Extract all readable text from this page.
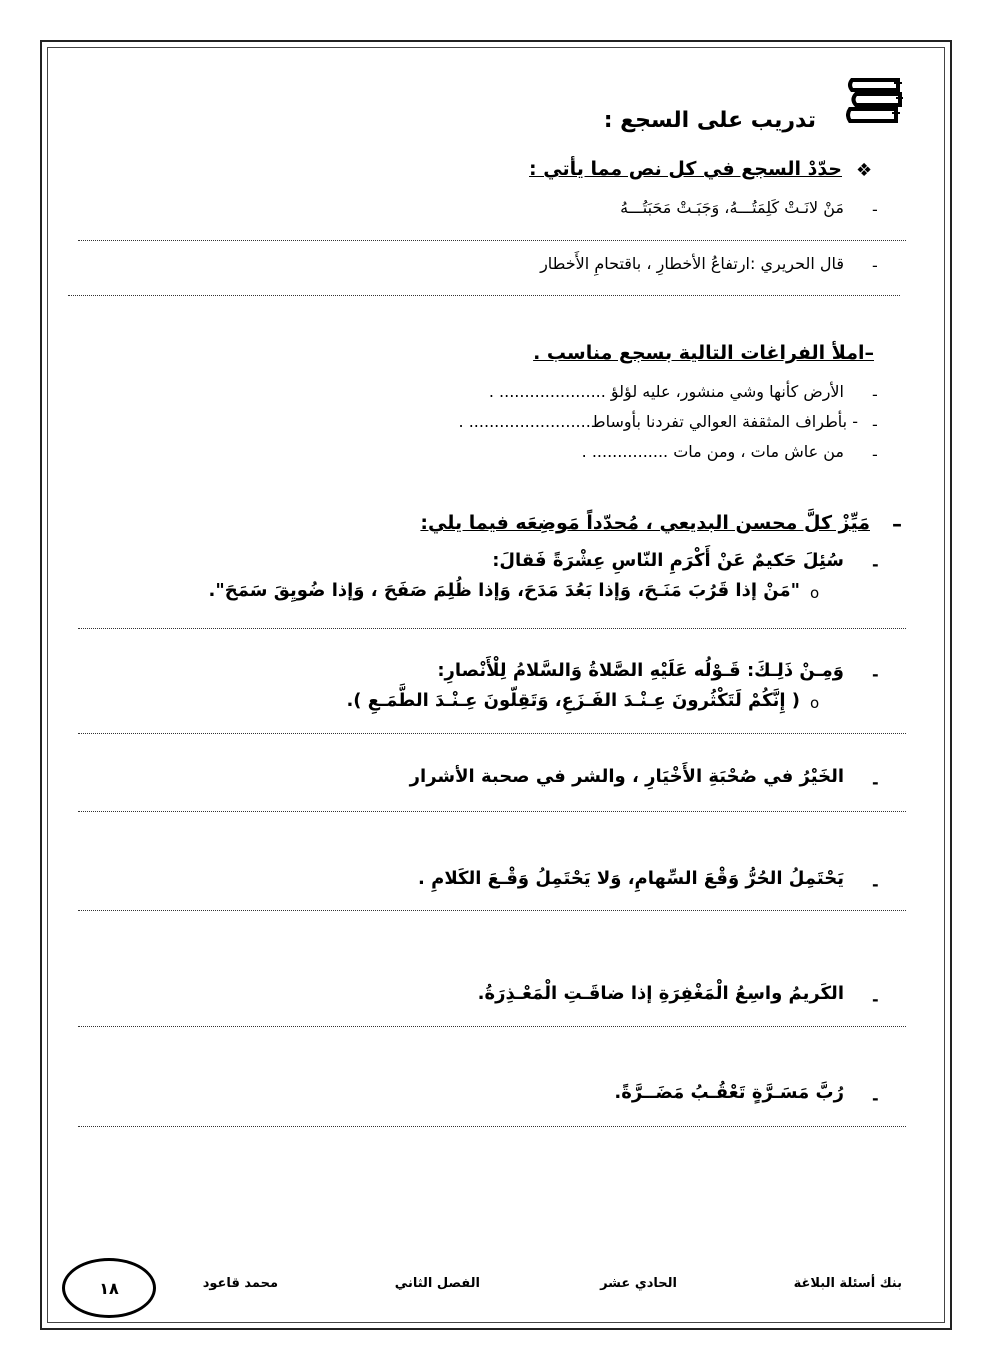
تدريب على السجع :
❖
حدّدْ السجع في كل نص مما يأتي :
-
مَنْ لانَـتْ كَلِمَتُـــهُ، وَجَبَـتْ مَحَبَتُـــهُ
-
قال الحريري :ارتفاعُ الأخطارِ ، باقتحامِ الأَخطار
–املأ الفراغات التالية بسجع مناسب .
-
الأرض كأنها وشي منشور، عليه لؤلؤ ..................... .
-
- بأطراف المثقفة العوالي تفردنا بأوساط........................ .
-
من عاش مات ، ومن مات ............... .
–
مَيِّزْ كلَّ محسن البديعي ، مُحدّداً مَوضِعَه فيما يلي:
-
سُئِلَ حَكيمٌ عَنْ أَكْرَمِ النّاسِ عِشْرَةً فَقالَ:
o
"مَنْ إذا قَرُبَ مَنَـحَ، وَإذا بَعُدَ مَدَحَ، وَإذا ظُلِمَ صَفَحَ ، وَإذا ضُويِقَ سَمَحَ".
-
وَمِـنْ ذَلِـكَ: قَـوْلُه عَلَيْهِ الصَّلاةُ وَالسَّلامُ لِلْأَنْصارِ:
o
( إِنَّكُمْ لَتَكْثُرونَ عِـنْـدَ الفَـزَعِ، وَتَقِلّونَ عِـنْـدَ الطَّمَـعِ ).
-
الخَيْرُ في صُحْبَةِ الأَخْيَارِ ، والشر في صحبة الأشرار
-
يَحْتَمِلُ الحُرُّ وَقْعَ السِّهامِ، وَلا يَحْتَمِلُ وَقْـعَ الكَلامِ .
-
الكَريمُ واسِعُ الْمَغْفِرَةِ إذا ضاقَـتِ الْمَعْـذِرَةُ.
-
رُبَّ مَسَـرَّةٍ تَعْقُـبُ مَضَــرَّةً.
بنك أسئلة البلاغة
الحادي عشر
الفصل الثاني
محمد قاعود
١٨
